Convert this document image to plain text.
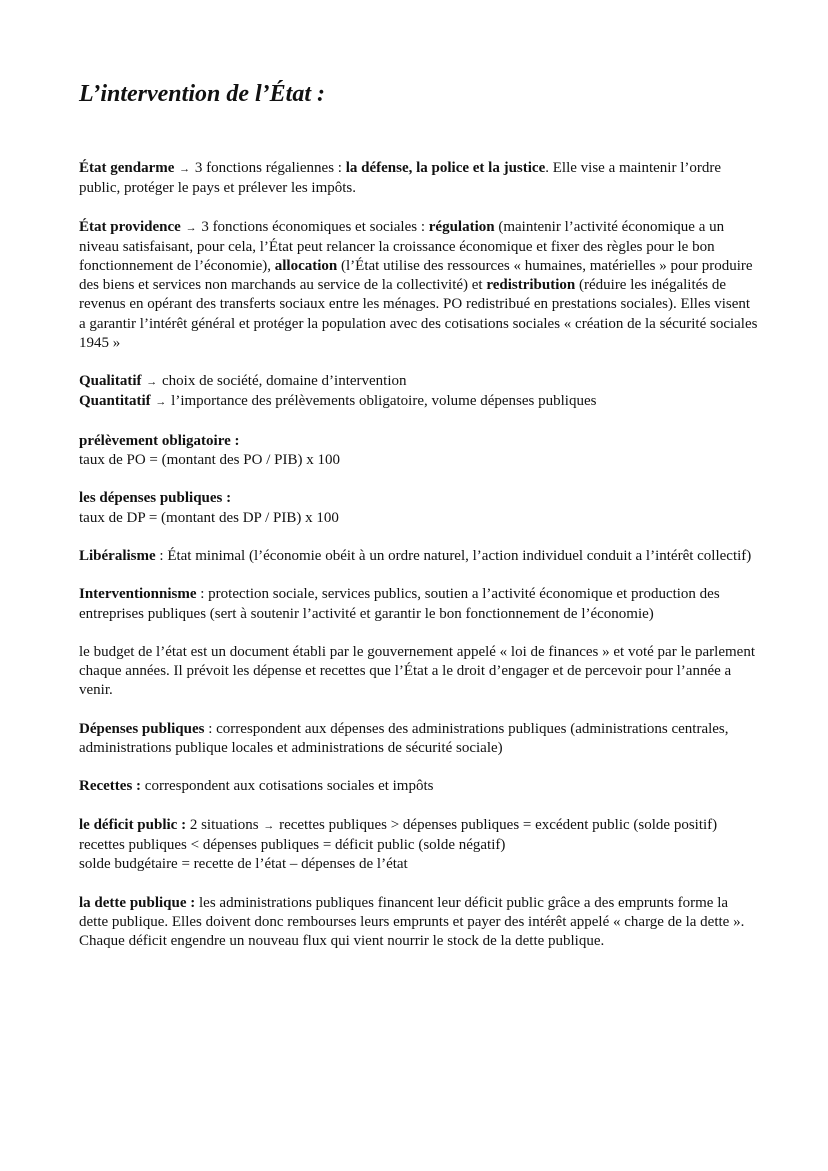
L’intervention de l’État :

État gendarme → 3 fonctions régaliennes : la défense, la police et la justice. Elle vise a maintenir l’ordre public, protéger le pays et prélever les impôts.

État providence → 3 fonctions économiques et sociales : régulation (maintenir l’activité économique a un niveau satisfaisant, pour cela, l’État peut relancer la croissance économique et fixer des règles pour le bon fonctionnement de l’économie), allocation (l’État utilise des ressources « humaines, matérielles » pour produire des biens et services non marchands au service de la collectivité) et redistribution (réduire les inégalités de revenus en opérant des transferts sociaux entre les ménages. PO redistribué en prestations sociales). Elles visent a garantir l’intérêt général et protéger la population avec des cotisations sociales « création de la sécurité sociales 1945 »

Qualitatif → choix de société, domaine d’intervention

Quantitatif → l’importance des prélèvements obligatoire, volume dépenses publiques

prélèvement obligatoire :

taux de PO = (montant des PO / PIB) x 100

les dépenses publiques :

taux de DP = (montant des DP / PIB) x 100

Libéralisme : État minimal (l’économie obéit à un ordre naturel, l’action individuel conduit a l’intérêt collectif)

Interventionnisme : protection sociale, services publics, soutien a l’activité économique et production des entreprises publiques (sert à soutenir l’activité et garantir le bon fonctionnement de l’économie)

le budget de l’état est un document établi par le gouvernement appelé « loi de finances » et voté par le parlement chaque années. Il prévoit les dépense et recettes que l’État a le droit d’engager et de percevoir pour l’année a venir.

Dépenses publiques : correspondent aux dépenses des administrations publiques (administrations centrales, administrations publique locales et administrations de sécurité sociale)

Recettes : correspondent aux cotisations sociales et impôts

le déficit public : 2 situations → recettes publiques > dépenses publiques = excédent public (solde positif)

recettes publiques < dépenses publiques = déficit public (solde négatif)

solde budgétaire = recette de l’état – dépenses de l’état

la dette publique : les administrations publiques financent leur déficit public grâce a des emprunts forme la dette publique. Elles doivent donc rembourses leurs emprunts et payer des intérêt appelé « charge de la dette ». Chaque déficit engendre un nouveau flux qui vient nourrir le stock de la dette publique.
